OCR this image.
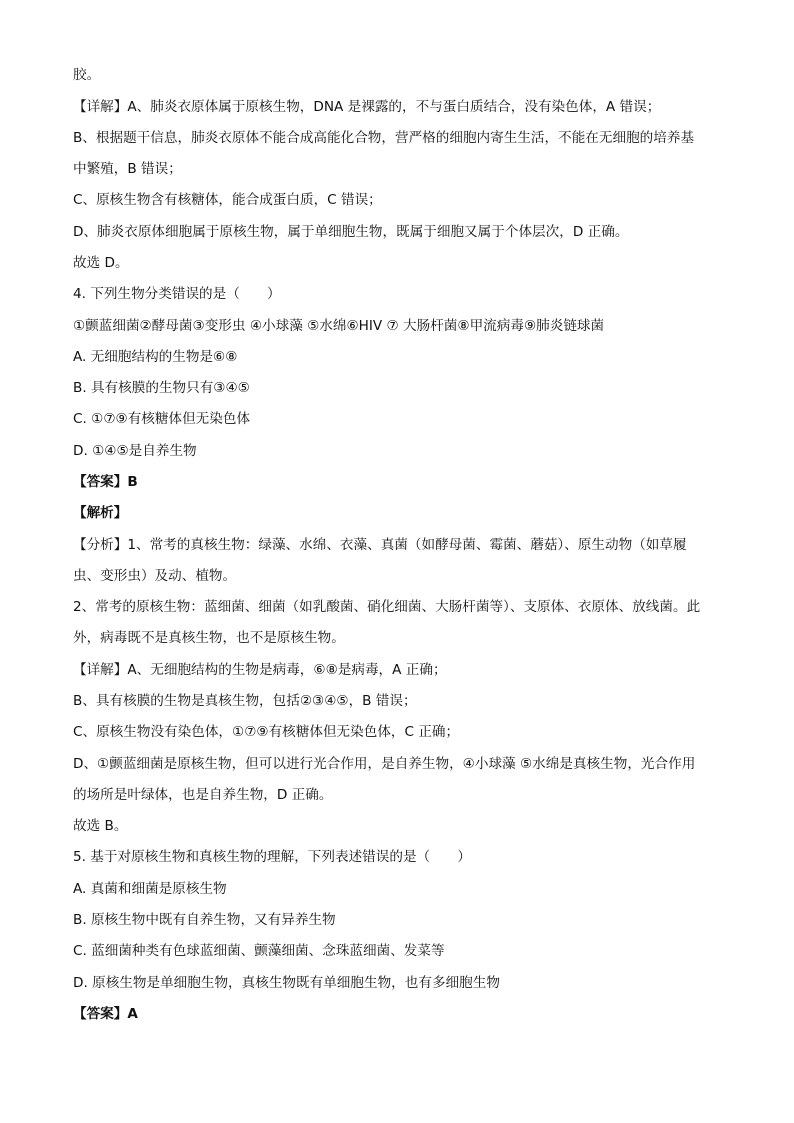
胶。
【详解】A、肺炎衣原体属于原核生物，DNA 是裸露的，不与蛋白质结合，没有染色体，A 错误；
B、根据题干信息，肺炎衣原体不能合成高能化合物，营严格的细胞内寄生生活，不能在无细胞的培养基
中繁殖，B 错误；
C、原核生物含有核糖体，能合成蛋白质，C 错误；
D、肺炎衣原体细胞属于原核生物，属于单细胞生物，既属于细胞又属于个体层次，D 正确。
故选 D。
4. 下列生物分类错误的是（　　）
①颤蓝细菌②酵母菌③变形虫 ④小球藻 ⑤水绵⑥HIV ⑦ 大肠杆菌⑧甲流病毒⑨肺炎链球菌
A. 无细胞结构的生物是⑥⑧
B. 具有核膜的生物只有③④⑤
C. ①⑦⑨有核糖体但无染色体
D. ①④⑤是自养生物
【答案】B
【解析】
【分析】1、常考的真核生物：绿藻、水绵、衣藻、真菌（如酵母菌、霉菌、蘑菇）、原生动物（如草履
虫、变形虫）及动、植物。
2、常考的原核生物：蓝细菌、细菌（如乳酸菌、硝化细菌、大肠杆菌等）、支原体、衣原体、放线菌。此
外，病毒既不是真核生物，也不是原核生物。
【详解】A、无细胞结构的生物是病毒，⑥⑧是病毒，A 正确；
B、具有核膜的生物是真核生物，包括②③④⑤，B 错误；
C、原核生物没有染色体，①⑦⑨有核糖体但无染色体，C 正确；
D、①颤蓝细菌是原核生物，但可以进行光合作用，是自养生物，④小球藻 ⑤水绵是真核生物，光合作用
的场所是叶绿体，也是自养生物，D 正确。
故选 B。
5. 基于对原核生物和真核生物的理解，下列表述错误的是（　　）
A. 真菌和细菌是原核生物
B. 原核生物中既有自养生物，又有异养生物
C. 蓝细菌种类有色球蓝细菌、颤藻细菌、念珠蓝细菌、发菜等
D. 原核生物是单细胞生物，真核生物既有单细胞生物，也有多细胞生物
【答案】A
